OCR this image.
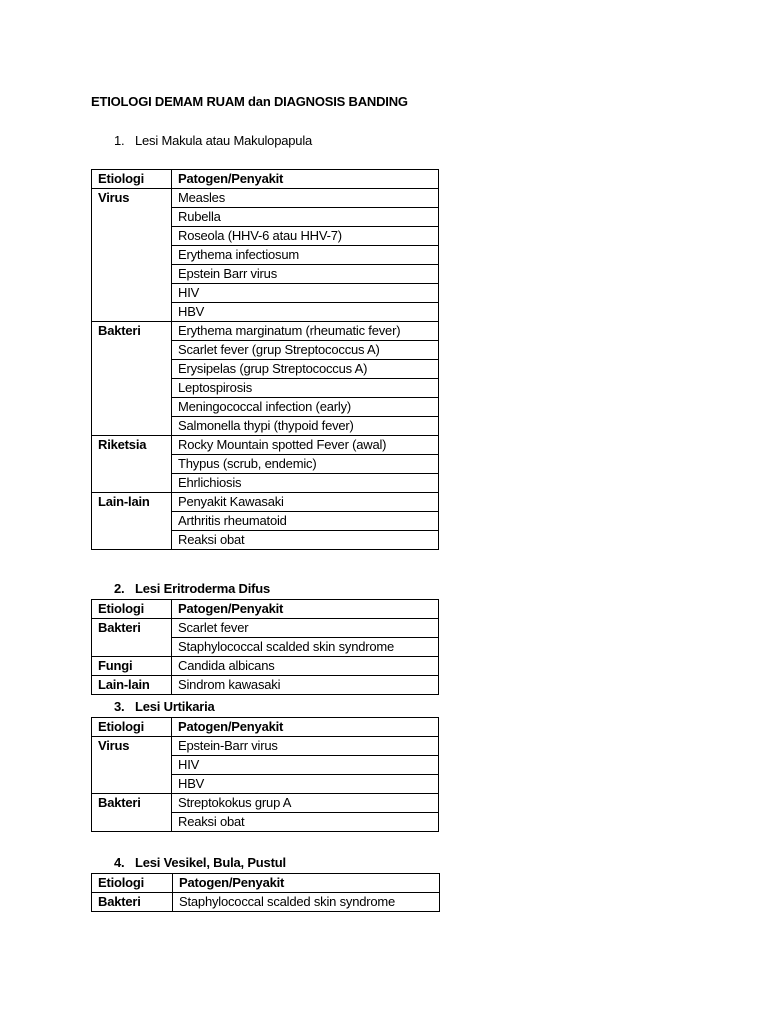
ETIOLOGI DEMAM RUAM dan DIAGNOSIS BANDING
1. Lesi Makula atau Makulopapula
Etiologi	Patogen/Penyakit
Virus	Measles
	Rubella
	Roseola (HHV-6 atau HHV-7)
	Erythema infectiosum
	Epstein Barr virus
	HIV
	HBV
Bakteri	Erythema marginatum (rheumatic fever)
	Scarlet fever (grup Streptococcus A)
	Erysipelas (grup Streptococcus A)
	Leptospirosis
	Meningococcal infection (early)
	Salmonella thypi (thypoid fever)
Riketsia	Rocky Mountain spotted Fever (awal)
	Thypus (scrub, endemic)
	Ehrlichiosis
Lain-lain	Penyakit Kawasaki
	Arthritis rheumatoid
	Reaksi obat
2. Lesi Eritroderma Difus
Etiologi	Patogen/Penyakit
Bakteri	Scarlet fever
	Staphylococcal scalded skin syndrome
Fungi	Candida albicans
Lain-lain	Sindrom kawasaki
3. Lesi Urtikaria
Etiologi	Patogen/Penyakit
Virus	Epstein-Barr virus
	HIV
	HBV
Bakteri	Streptokokus grup A
	Reaksi obat
4. Lesi Vesikel, Bula, Pustul
Etiologi	Patogen/Penyakit
Bakteri	Staphylococcal scalded skin syndrome
